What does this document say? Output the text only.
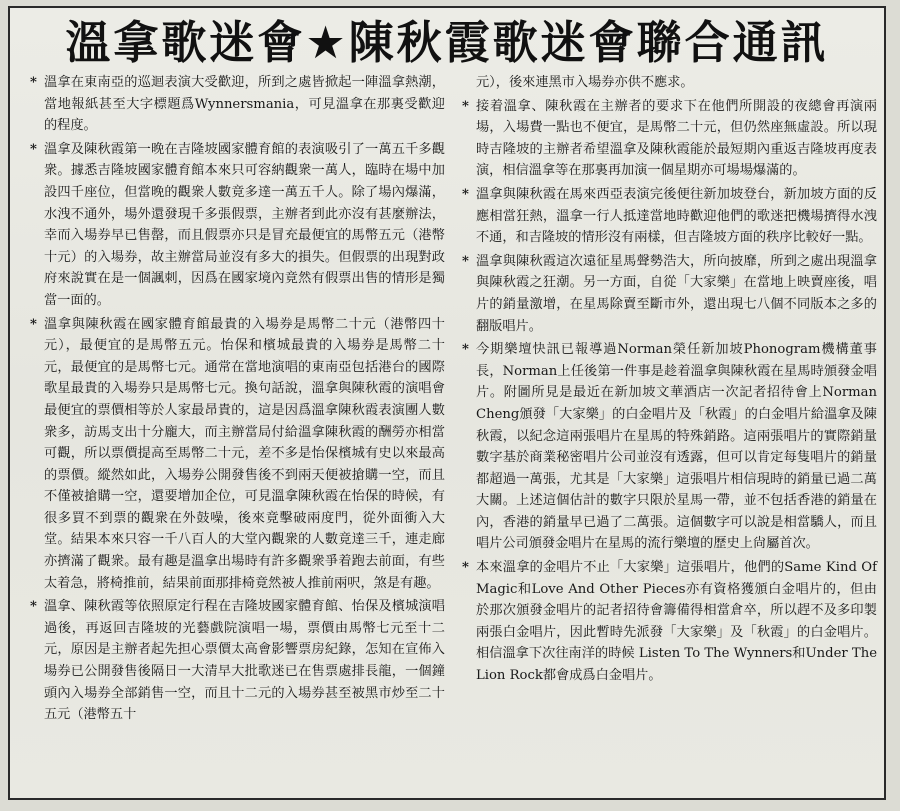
溫拿歌迷會★陳秋霞歌迷會聯合通訊
* 溫拿在東南亞的巡迴表演大受歡迎，所到之處皆掀起一陣溫拿熱潮，當地報紙甚至大字標題爲Wynnersmania，可見溫拿在那裏受歡迎的程度。
* 溫拿及陳秋霞第一晚在吉隆坡國家體育館的表演吸引了一萬五千多觀衆。據悉吉隆坡國家體育館本來只可容納觀衆一萬人，臨時在場中加設四千座位，但當晚的觀衆人數竟多達一萬五千人。除了場內爆滿，水洩不通外，場外還發現千多張假票，主辦者到此亦沒有甚麼辦法，幸而入場券早已售罄，而且假票亦只是冒充最便宜的馬幣五元（港幣十元）的入場券，故主辦當局並沒有多大的損失。但假票的出現對政府來說實在是一個諷刺，因爲在國家境內竟然有假票出售的情形是獨當一面的。
* 溫拿與陳秋霞在國家體育館最貴的入場券是馬幣二十元（港幣四十元），最便宜的是馬幣五元。怡保和檳城最貴的入場券是馬幣二十元，最便宜的是馬幣七元。通常在當地演唱的東南亞包括港台的國際歌星最貴的入場券只是馬幣七元。換句話說，溫拿與陳秋霞的演唱會最便宜的票價相等於人家最昂貴的，這是因爲溫拿陳秋霞表演團人數衆多，訪馬支出十分龐大，而主辦當局付給溫拿陳秋霞的酬勞亦相當可觀，所以票價提高至馬幣二十元，差不多是怡保檳城有史以來最高的票價。縱然如此，入場券公開發售後不到兩天便被搶購一空，而且不僅被搶購一空，還要增加企位，可見溫拿陳秋霞在怡保的時候，有很多買不到票的觀衆在外鼓噪，後來竟擊破兩度門，從外面衝入大堂。結果本來只容一千八百人的大堂內觀衆的人數竟達三千，連走廊亦擠滿了觀衆。最有趣是溫拿出場時有許多觀衆爭着跑去前面，有些太着急，將椅推前，結果前面那排椅竟然被人推前兩呎，煞是有趣。
* 溫拿、陳秋霞等依照原定行程在吉隆坡國家體育館、怡保及檳城演唱過後，再返回吉隆坡的光藝戲院演唱一場，票價由馬幣七元至十二元，原因是主辦者起先担心票價太高會影響票房紀錄，怎知在宣佈入場券已公開發售後隔日一大清早大批歌迷已在售票處排長龍，一個鐘頭內入場券全部銷售一空，而且十二元的入場券甚至被黑市炒至二十五元（港幣五十
元），後來連黑市入場券亦供不應求。
* 接着溫拿、陳秋霞在主辦者的要求下在他們所開設的夜總會再演兩場，入場費一點也不便宜，是馬幣二十元，但仍然座無虛設。所以現時吉隆坡的主辦者希望溫拿及陳秋霞能於最短期內重返吉隆坡再度表演，相信溫拿等在那裏再加演一個星期亦可場場爆滿的。
* 溫拿與陳秋霞在馬來西亞表演完後便往新加坡登台，新加坡方面的反應相當狂熱，溫拿一行人抵達當地時歡迎他們的歌迷把機場擠得水洩不通，和吉隆坡的情形沒有兩樣，但吉隆坡方面的秩序比較好一點。
* 溫拿與陳秋霞這次遠征星馬聲勢浩大，所向披靡，所到之處出現溫拿與陳秋霞之狂潮。另一方面，自從「大家樂」在當地上映賣座後，唱片的銷量激增，在星馬除賣至斷市外，還出現七八個不同版本之多的翻版唱片。
* 今期樂壇快訊已報導過Norman榮任新加坡Phonogram機構董事長，Norman上任後第一件事是趁着溫拿與陳秋霞在星馬時頒發金唱片。附圖所見是最近在新加坡文華酒店一次記者招待會上Norman Cheng頒發「大家樂」的白金唱片及「秋霞」的白金唱片給溫拿及陳秋霞，以紀念這兩張唱片在星馬的特殊銷路。這兩張唱片的實際銷量數字基於商業秘密唱片公司並沒有透露，但可以肯定每隻唱片的銷量都超過一萬張，尤其是「大家樂」這張唱片相信現時的銷量已過二萬大關。上述這個估計的數字只限於星馬一帶，並不包括香港的銷量在內，香港的銷量早已過了二萬張。這個數字可以說是相當驕人，而且唱片公司頒發金唱片在星馬的流行樂壇的歷史上尙屬首次。
* 本來溫拿的金唱片不止「大家樂」這張唱片，他們的Same Kind Of Magic和Love And Other Pieces亦有資格獲頒白金唱片的，但由於那次頒發金唱片的記者招待會籌備得相當倉卒，所以趕不及多印製兩張白金唱片，因此暫時先派發「大家樂」及「秋霞」的白金唱片。相信溫拿下次往南洋的時候 Listen To The Wynners和Under The Lion Rock都會成爲白金唱片。
